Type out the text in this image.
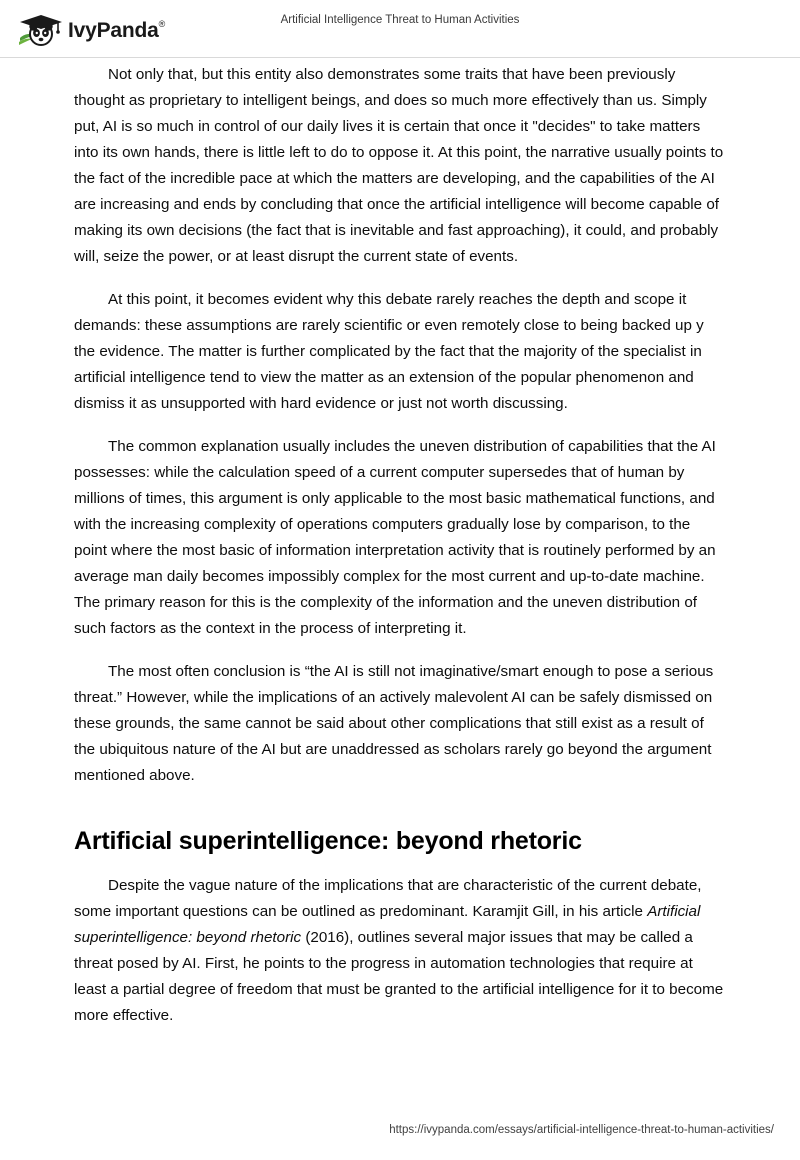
IvyPanda®	Artificial Intelligence Threat to Human Activities

Not only that, but this entity also demonstrates some traits that have been previously thought as proprietary to intelligent beings, and does so much more effectively than us. Simply put, AI is so much in control of our daily lives it is certain that once it "decides" to take matters into its own hands, there is little left to do to oppose it. At this point, the narrative usually points to the fact of the incredible pace at which the matters are developing, and the capabilities of the AI are increasing and ends by concluding that once the artificial intelligence will become capable of making its own decisions (the fact that is inevitable and fast approaching), it could, and probably will, seize the power, or at least disrupt the current state of events.

At this point, it becomes evident why this debate rarely reaches the depth and scope it demands: these assumptions are rarely scientific or even remotely close to being backed up y the evidence. The matter is further complicated by the fact that the majority of the specialist in artificial intelligence tend to view the matter as an extension of the popular phenomenon and dismiss it as unsupported with hard evidence or just not worth discussing.

The common explanation usually includes the uneven distribution of capabilities that the AI possesses: while the calculation speed of a current computer supersedes that of human by millions of times, this argument is only applicable to the most basic mathematical functions, and with the increasing complexity of operations computers gradually lose by comparison, to the point where the most basic of information interpretation activity that is routinely performed by an average man daily becomes impossibly complex for the most current and up-to-date machine. The primary reason for this is the complexity of the information and the uneven distribution of such factors as the context in the process of interpreting it.

The most often conclusion is “the AI is still not imaginative/smart enough to pose a serious threat.” However, while the implications of an actively malevolent AI can be safely dismissed on these grounds, the same cannot be said about other complications that still exist as a result of the ubiquitous nature of the AI but are unaddressed as scholars rarely go beyond the argument mentioned above.

Artificial superintelligence: beyond rhetoric

Despite the vague nature of the implications that are characteristic of the current debate, some important questions can be outlined as predominant. Karamjit Gill, in his article Artificial superintelligence: beyond rhetoric (2016), outlines several major issues that may be called a threat posed by AI. First, he points to the progress in automation technologies that require at least a partial degree of freedom that must be granted to the artificial intelligence for it to become more effective.

https://ivypanda.com/essays/artificial-intelligence-threat-to-human-activities/
